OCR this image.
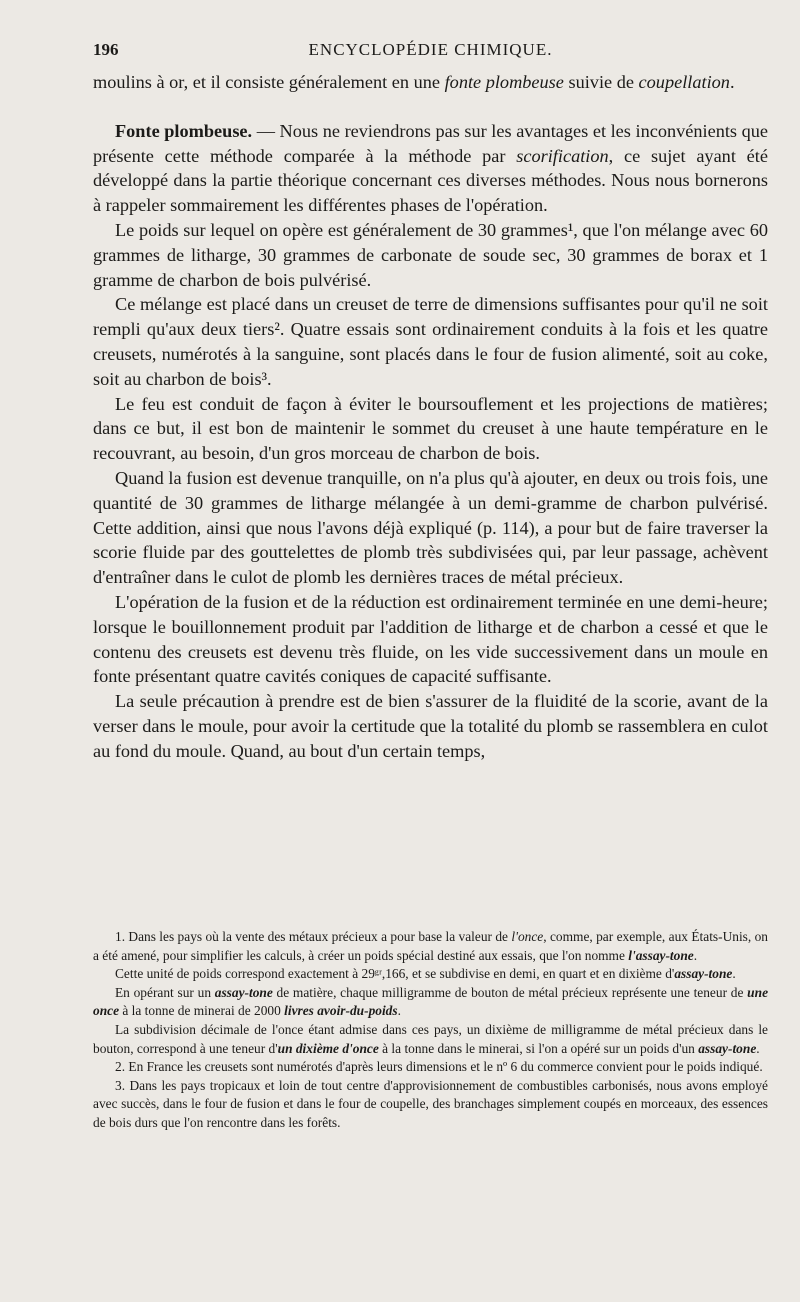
196	ENCYCLOPÉDIE CHIMIQUE.

moulins à or, et il consiste généralement en une fonte plombeuse suivie de coupellation.

Fonte plombeuse. — Nous ne reviendrons pas sur les avantages et les inconvénients que présente cette méthode comparée à la méthode par scorification, ce sujet ayant été développé dans la partie théorique concernant ces diverses méthodes. Nous nous bornerons à rappeler sommairement les différentes phases de l'opération.

Le poids sur lequel on opère est généralement de 30 grammes¹, que l'on mélange avec 60 grammes de litharge, 30 grammes de carbonate de soude sec, 30 grammes de borax et 1 gramme de charbon de bois pulvérisé.

Ce mélange est placé dans un creuset de terre de dimensions suffisantes pour qu'il ne soit rempli qu'aux deux tiers². Quatre essais sont ordinairement conduits à la fois et les quatre creusets, numérotés à la sanguine, sont placés dans le four de fusion alimenté, soit au coke, soit au charbon de bois³.

Le feu est conduit de façon à éviter le boursouflement et les projections de matières; dans ce but, il est bon de maintenir le sommet du creuset à une haute température en le recouvrant, au besoin, d'un gros morceau de charbon de bois.

Quand la fusion est devenue tranquille, on n'a plus qu'à ajouter, en deux ou trois fois, une quantité de 30 grammes de litharge mélangée à un demi-gramme de charbon pulvérisé. Cette addition, ainsi que nous l'avons déjà expliqué (p. 114), a pour but de faire traverser la scorie fluide par des gouttelettes de plomb très subdivisées qui, par leur passage, achèvent d'entraîner dans le culot de plomb les dernières traces de métal précieux.

L'opération de la fusion et de la réduction est ordinairement terminée en une demi-heure; lorsque le bouillonnement produit par l'addition de litharge et de charbon a cessé et que le contenu des creusets est devenu très fluide, on les vide successivement dans un moule en fonte présentant quatre cavités coniques de capacité suffisante.

La seule précaution à prendre est de bien s'assurer de la fluidité de la scorie, avant de la verser dans le moule, pour avoir la certitude que la totalité du plomb se rassemblera en culot au fond du moule. Quand, au bout d'un certain temps,

1. Dans les pays où la vente des métaux précieux a pour base la valeur de l'once, comme, par exemple, aux États-Unis, on a été amené, pour simplifier les calculs, à créer un poids spécial destiné aux essais, que l'on nomme l'assay-tone.

Cette unité de poids correspond exactement à 29ᵍʳ,166, et se subdivise en demi, en quart et en dixième d'assay-tone.

En opérant sur un assay-tone de matière, chaque milligramme de bouton de métal précieux représente une teneur de une once à la tonne de minerai de 2000 livres avoir-du-poids.

La subdivision décimale de l'once étant admise dans ces pays, un dixième de milligramme de métal précieux dans le bouton, correspond à une teneur d'un dixième d'once à la tonne dans le minerai, si l'on a opéré sur un poids d'un assay-tone.

2. En France les creusets sont numérotés d'après leurs dimensions et le nº 6 du commerce convient pour le poids indiqué.

3. Dans les pays tropicaux et loin de tout centre d'approvisionnement de combustibles carbonisés, nous avons employé avec succès, dans le four de fusion et dans le four de coupelle, des branchages simplement coupés en morceaux, des essences de bois durs que l'on rencontre dans les forêts.
